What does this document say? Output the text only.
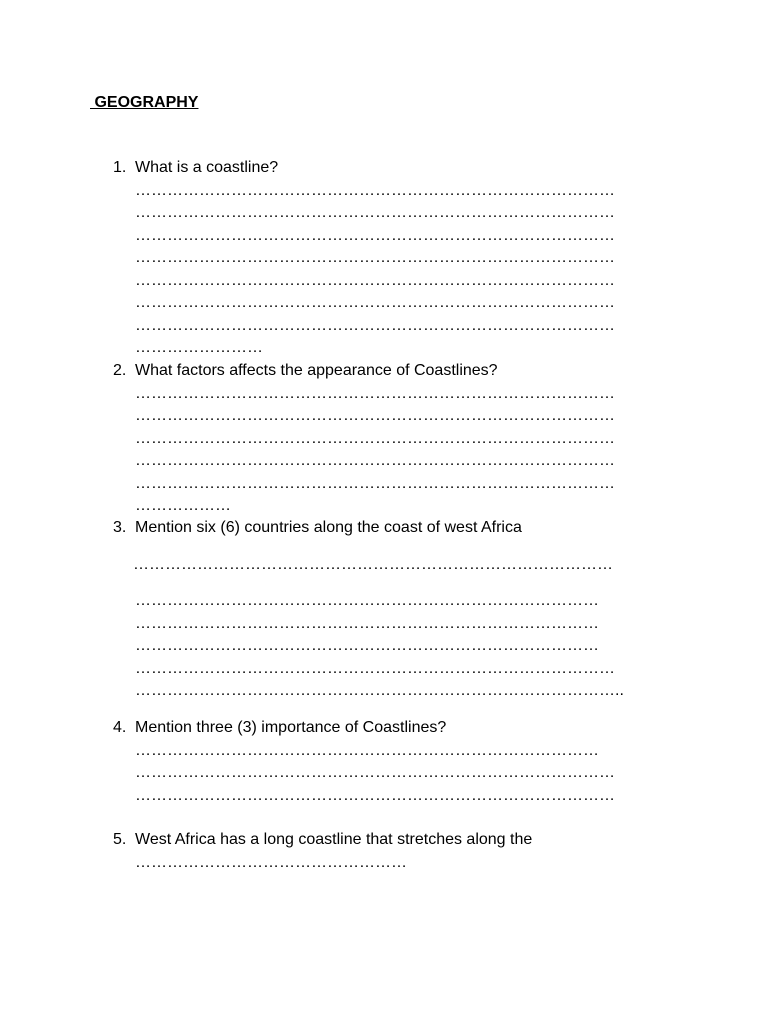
GEOGRAPHY

1. What is a coastline?
………………………………………………………………………………
………………………………………………………………………………
………………………………………………………………………………
………………………………………………………………………………
………………………………………………………………………………
………………………………………………………………………………
………………………………………………………………………………
……………………
2. What factors affects the appearance of Coastlines?
………………………………………………………………………………
………………………………………………………………………………
………………………………………………………………………………
………………………………………………………………………………
………………………………………………………………………………
………………
3. Mention six (6) countries along the coast of west Africa
………………………………………………………………………………
……………………………………………………………………………
……………………………………………………………………………
……………………………………………………………………………
………………………………………………………………………………
………………………………………………………………………………..
4. Mention three (3) importance of Coastlines?
……………………………………………………………………………
………………………………………………………………………………
………………………………………………………………………………
5. West Africa has a long coastline that stretches along the
……………………………………………
